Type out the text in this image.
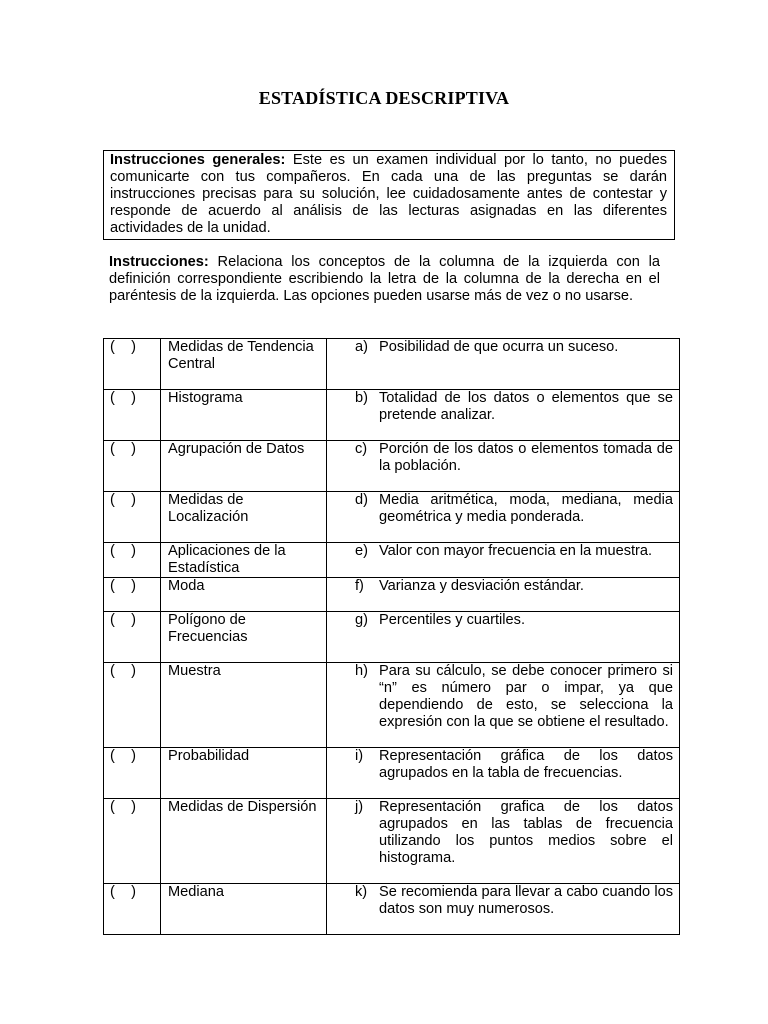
ESTADÍSTICA DESCRIPTIVA
Instrucciones generales: Este es un examen individual por lo tanto, no puedes comunicarte con tus compañeros. En cada una de las preguntas se darán instrucciones precisas para su solución, lee cuidadosamente antes de contestar y responde de acuerdo al análisis de las lecturas asignadas en las diferentes actividades de la unidad.
Instrucciones: Relaciona los conceptos de la columna de la izquierda con la definición correspondiente escribiendo la letra de la columna de la derecha en el paréntesis de la izquierda. Las opciones pueden usarse más de vez o no usarse.
(    )	Medidas de Tendencia Central	a) Posibilidad de que ocurra un suceso.

(    )	Histograma	b) Totalidad de los datos o elementos que se pretende analizar.

(    )	Agrupación de Datos	c) Porción de los datos o elementos tomada de la población.

(    )	Medidas de Localización	d) Media aritmética, moda, mediana, media geométrica y media ponderada.

(    )	Aplicaciones de la Estadística	e) Valor con mayor frecuencia en la muestra.

(    )	Moda	f) Varianza y desviación estándar.

(    )	Polígono de Frecuencias	g) Percentiles y cuartiles.

(    )	Muestra	h) Para su cálculo, se debe conocer primero si “n” es número par o impar, ya que dependiendo de esto, se selecciona la expresión con la que se obtiene el resultado.

(    )	Probabilidad	i) Representación gráfica de los datos agrupados en la tabla de frecuencias.

(    )	Medidas de Dispersión	j) Representación grafica de los datos agrupados en las tablas de frecuencia utilizando los puntos medios sobre el histograma.

(    )	Mediana	k) Se recomienda para llevar a cabo cuando los datos son muy numerosos.
